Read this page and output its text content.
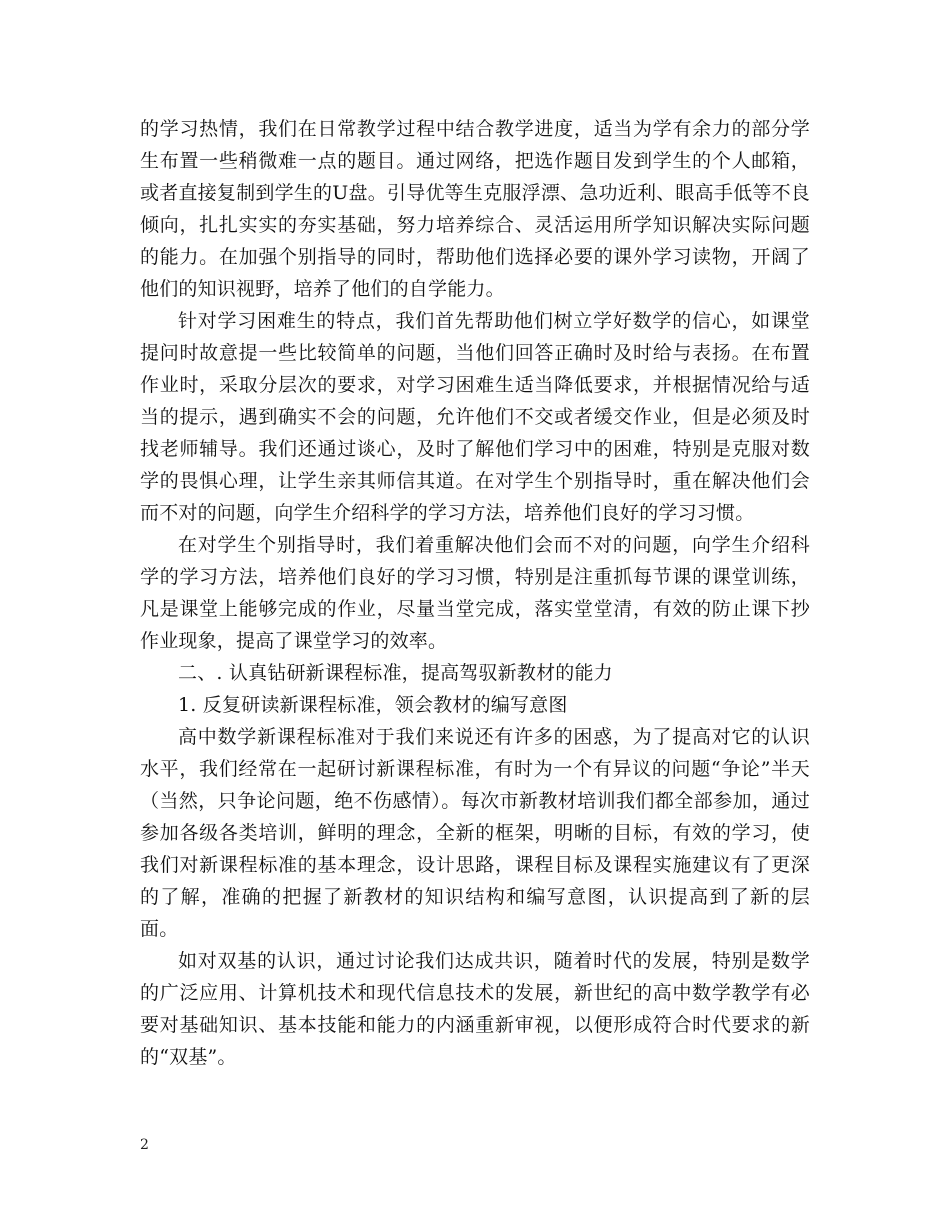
的学习热情，我们在日常教学过程中结合教学进度，适当为学有余力的部分学生布置一些稍微难一点的题目。通过网络，把选作题目发到学生的个人邮箱，或者直接复制到学生的U盘。引导优等生克服浮漂、急功近利、眼高手低等不良倾向，扎扎实实的夯实基础，努力培养综合、灵活运用所学知识解决实际问题的能力。在加强个别指导的同时，帮助他们选择必要的课外学习读物，开阔了他们的知识视野，培养了他们的自学能力。

针对学习困难生的特点，我们首先帮助他们树立学好数学的信心，如课堂提问时故意提一些比较简单的问题，当他们回答正确时及时给与表扬。在布置作业时，采取分层次的要求，对学习困难生适当降低要求，并根据情况给与适当的提示，遇到确实不会的问题，允许他们不交或者缓交作业，但是必须及时找老师辅导。我们还通过谈心，及时了解他们学习中的困难，特别是克服对数学的畏惧心理，让学生亲其师信其道。在对学生个别指导时，重在解决他们会而不对的问题，向学生介绍科学的学习方法，培养他们良好的学习习惯。

在对学生个别指导时，我们着重解决他们会而不对的问题，向学生介绍科学的学习方法，培养他们良好的学习习惯，特别是注重抓每节课的课堂训练，凡是课堂上能够完成的作业，尽量当堂完成，落实堂堂清，有效的防止课下抄作业现象，提高了课堂学习的效率。

二、. 认真钻研新课程标准，提高驾驭新教材的能力

1. 反复研读新课程标准，领会教材的编写意图

高中数学新课程标准对于我们来说还有许多的困惑，为了提高对它的认识水平，我们经常在一起研讨新课程标准，有时为一个有异议的问题“争论”半天（当然，只争论问题，绝不伤感情）。每次市新教材培训我们都全部参加，通过参加各级各类培训，鲜明的理念，全新的框架，明晰的目标，有效的学习，使我们对新课程标准的基本理念，设计思路，课程目标及课程实施建议有了更深的了解，准确的把握了新教材的知识结构和编写意图，认识提高到了新的层面。

如对双基的认识，通过讨论我们达成共识，随着时代的发展，特别是数学的广泛应用、计算机技术和现代信息技术的发展，新世纪的高中数学教学有必要对基础知识、基本技能和能力的内涵重新审视，以便形成符合时代要求的新的“双基”。

2
